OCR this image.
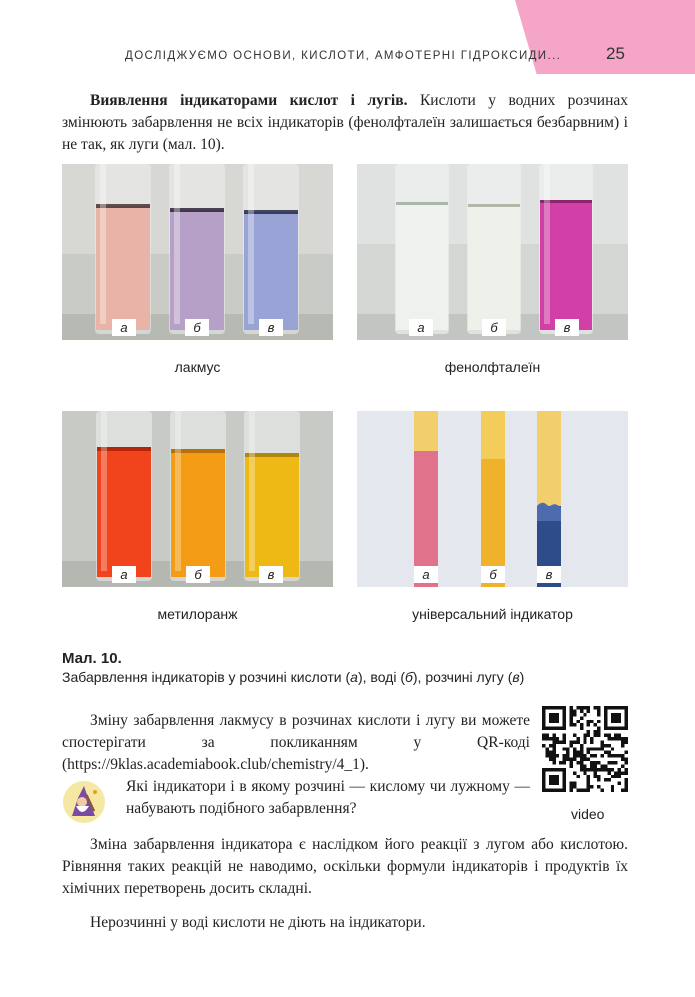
ДОСЛІДЖУЄМО ОСНОВИ, КИСЛОТИ, АМФОТЕРНІ ГІДРОКСИДИ...	25

Виявлення індикаторами кислот і лугів. Кислоти у водних розчинах змінюють забарвлення не всіх індикаторів (фенолфталеїн залишається безбарвним) і не так, як луги (мал. 10).

а	б	в
лакмус
а	б	в
фенолфталеїн
а	б	в
метилоранж
а	б	в
універсальний індикатор
Мал. 10.
Забарвлення індикаторів у розчині кислоти (а), воді (б), розчині лугу (в)

Зміну забарвлення лакмусу в розчинах кислоти і лугу ви можете спостерігати за покликанням у QR-коді (https://9klas.academiabook.club/chemistry/4_1).

Які індикатори і в якому розчині — кислому чи лужному — набувають подібного забарвлення?	video

Зміна забарвлення індикатора є наслідком його реакції з лугом або кислотою. Рівняння таких реакцій не наводимо, оскільки формули індикаторів і продуктів їх хімічних перетворень досить складні.

Нерозчинні у воді кислоти не діють на індикатори.
